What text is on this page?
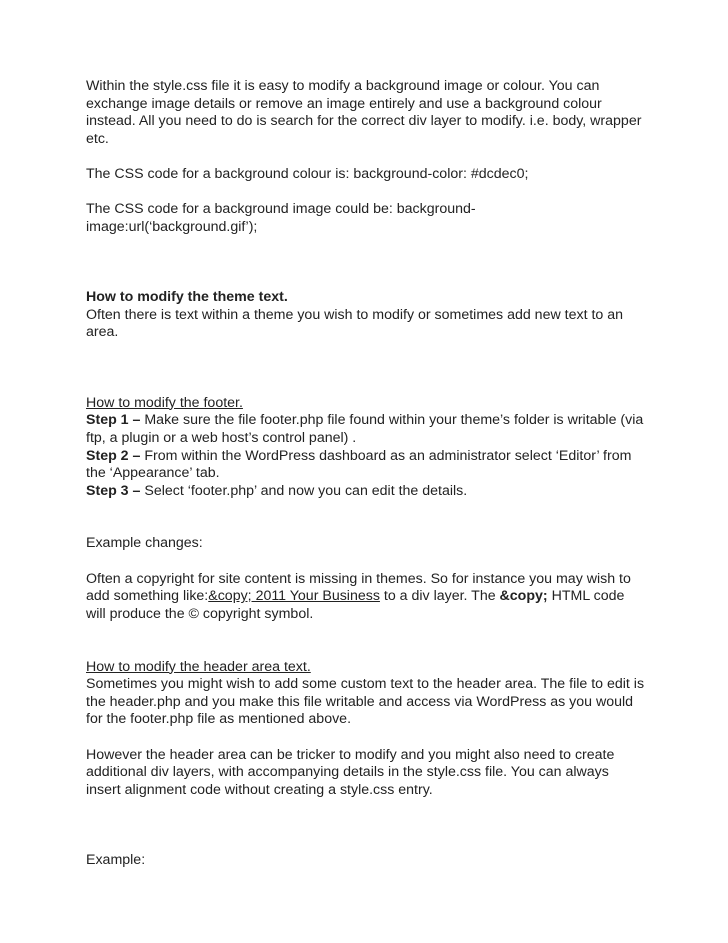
Within the style.css file it is easy to modify a background image or colour. You can exchange image details or remove an image entirely and use a background colour instead. All you need to do is search for the correct div layer to modify. i.e. body, wrapper etc.

The CSS code for a background colour is: background-color: #dcdec0;

The CSS code for a background image could be: background-image:url(‘background.gif’);

How to modify the theme text.

Often there is text within a theme you wish to modify or sometimes add new text to an area.

How to modify the footer.

Step 1 – Make sure the file footer.php file found within your theme’s folder is writable (via ftp, a plugin or a web host’s control panel) .

Step 2 – From within the WordPress dashboard as an administrator select ‘Editor’ from the ‘Appearance’ tab.

Step 3 – Select ‘footer.php’ and now you can edit the details.

Example changes:

Often a copyright for site content is missing in themes. So for instance you may wish to add something like:&copy; 2011 Your Business to a div layer. The &copy; HTML code will produce the © copyright symbol.

How to modify the header area text.

Sometimes you might wish to add some custom text to the header area. The file to edit is the header.php and you make this file writable and access via WordPress as you would for the footer.php file as mentioned above.

However the header area can be tricker to modify and you might also need to create additional div layers, with accompanying details in the style.css file. You can always insert alignment code without creating a style.css entry.

Example:
